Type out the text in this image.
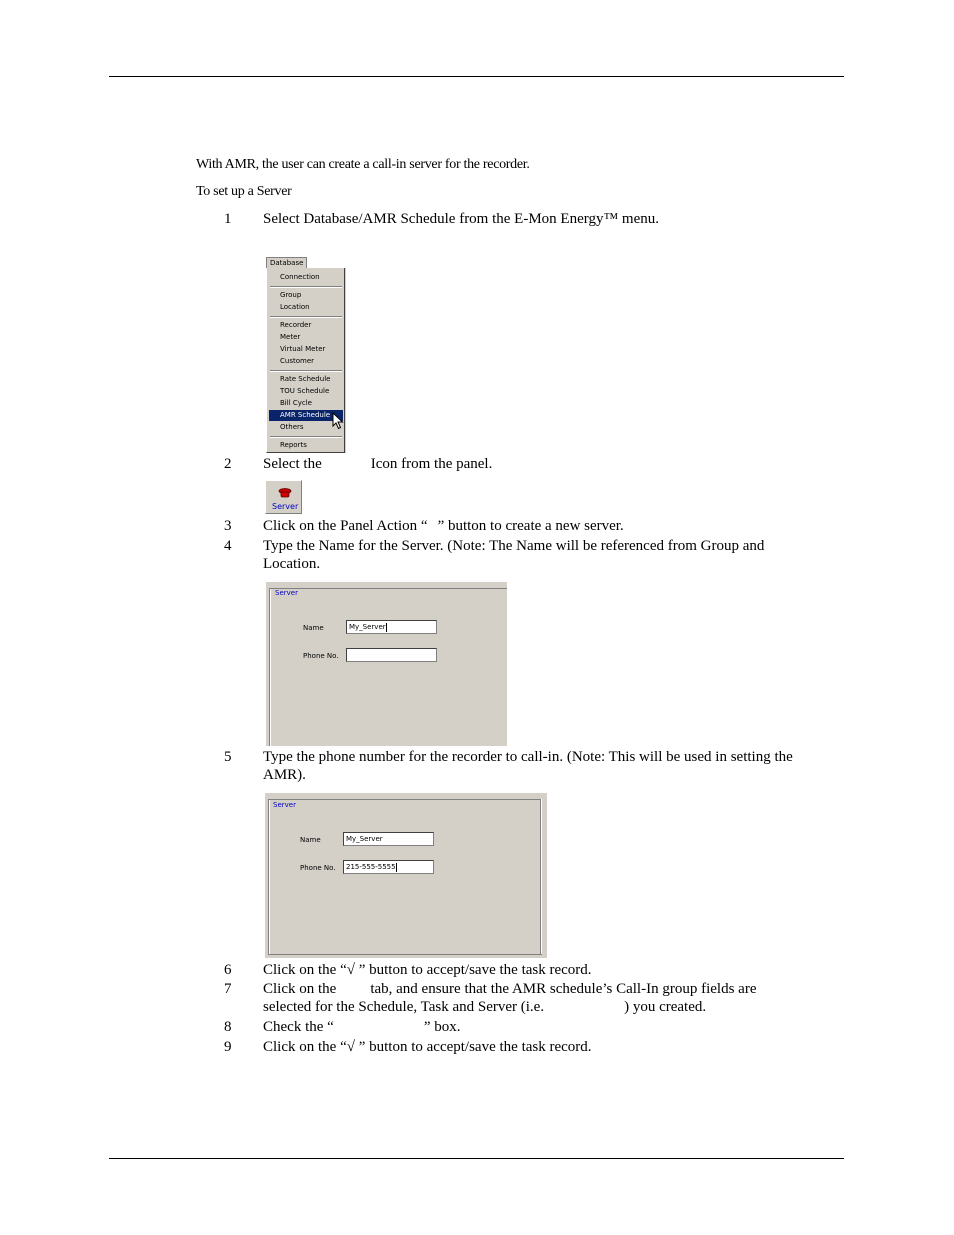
With AMR, the user can create a call-in server for the recorder.
To set up a Server
1 Select Database/AMR Schedule from the E-Mon Energy™ menu.
Database
Connection
Group
Location
Recorder
Meter
Virtual Meter
Customer
Rate Schedule
TOU Schedule
Bill Cycle
AMR Schedule
Others
Reports
2 Select the	Icon from the panel.
Server
3 Click on the Panel Action “ ” button to create a new server.
4 Type the Name for the Server. (Note: The Name will be referenced from Group and
Location.
Server
Name	My_Server
Phone No.
5 Type the phone number for the recorder to call-in. (Note: This will be used in setting the
AMR).
Server
Name	My_Server
Phone No.	215-555-5555
6 Click on the “√ ” button to accept/save the task record.
7 Click on the tab, and ensure that the AMR schedule’s Call-In group fields are
selected for the Schedule, Task and Server (i.e.	) you created.
8 Check the “	” box.
9 Click on the “√ ” button to accept/save the task record.
